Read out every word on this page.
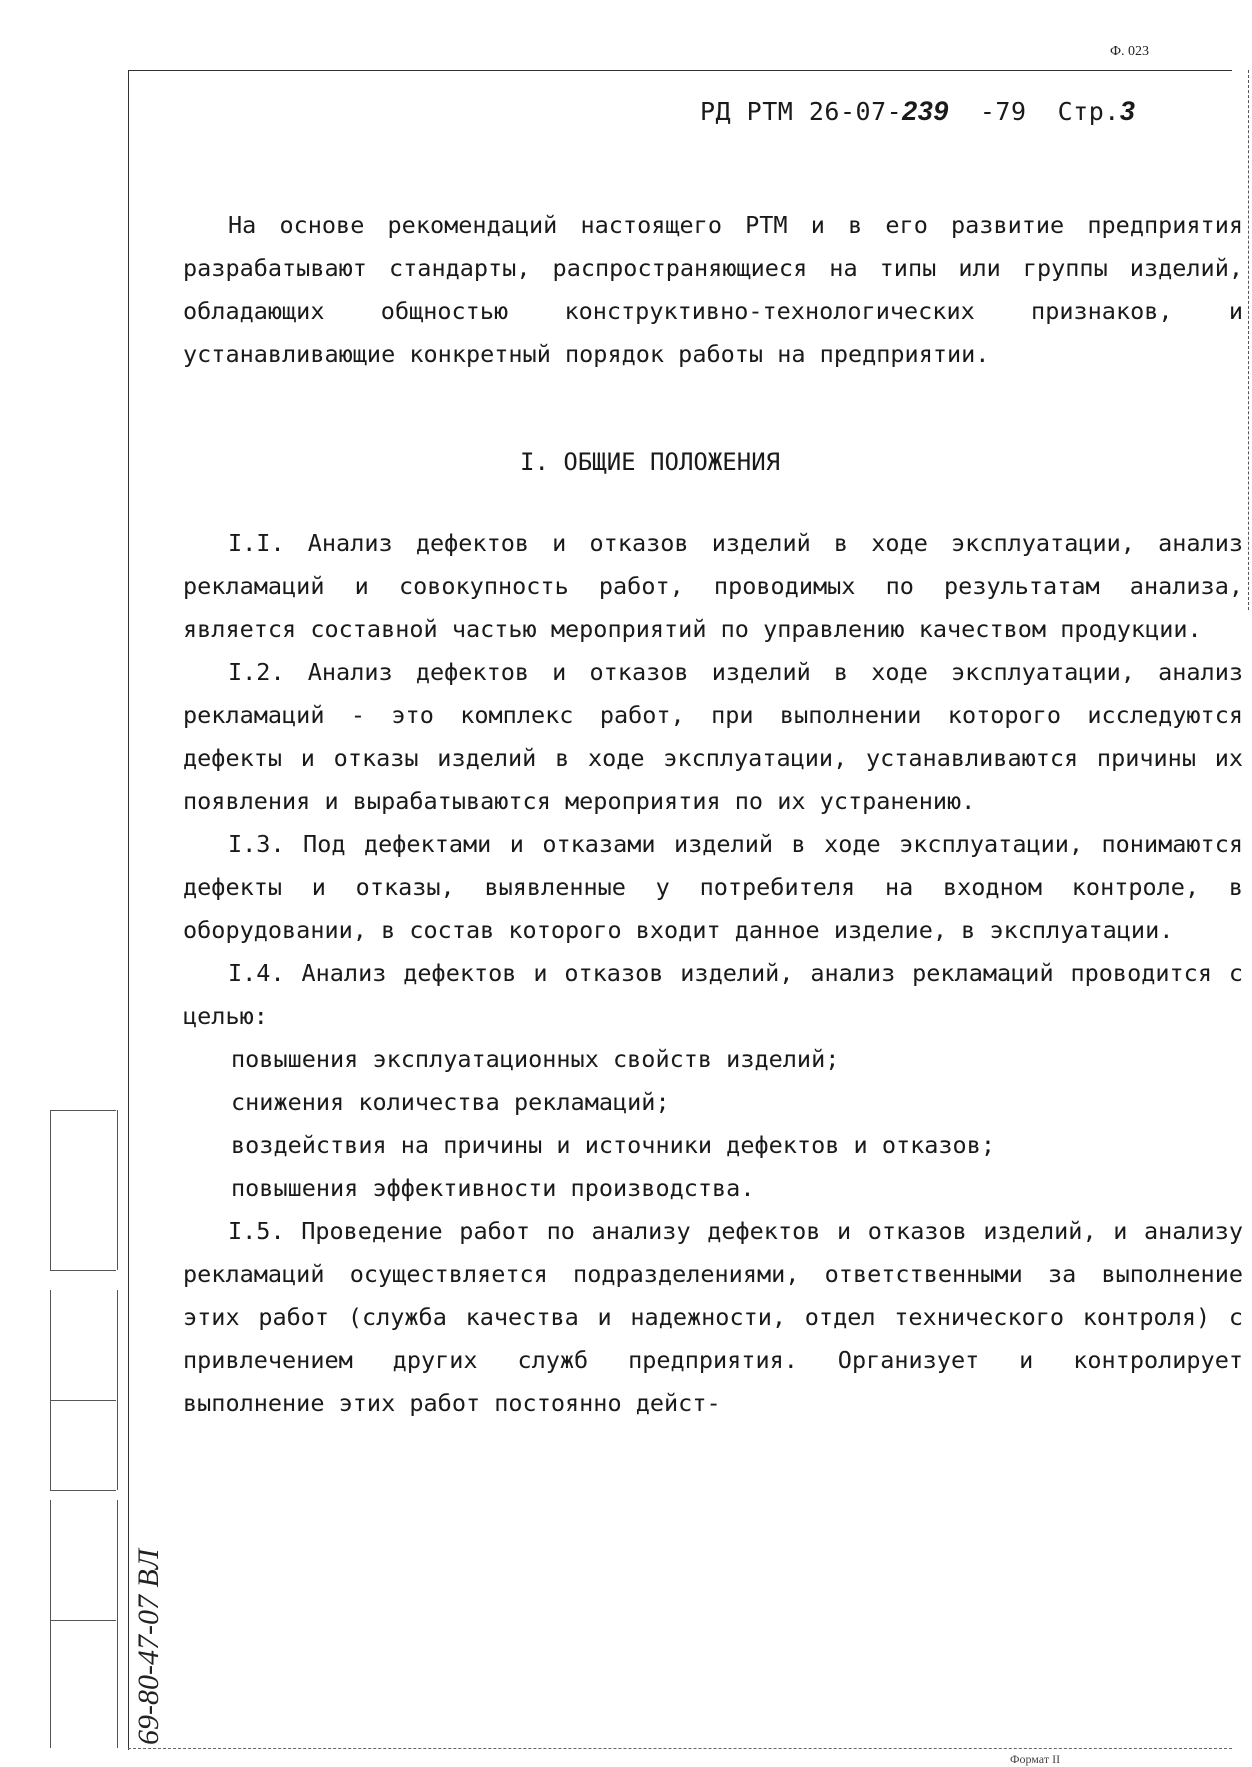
Ф. 023
РД РТМ 26-07-239 -79 Стр.3

На основе рекомендаций настоящего РТМ и в его развитие предприятия разрабатывают стандарты, распространяющиеся на типы или группы изделий, обладающих общностью конструктивно-технологических признаков, и устанавливающие конкретный порядок работы на предприятии.

I. ОБЩИЕ ПОЛОЖЕНИЯ

I.I. Анализ дефектов и отказов изделий в ходе эксплуатации, анализ рекламаций и совокупность работ, проводимых по результатам анализа, является составной частью мероприятий по управлению качеством продукции.

I.2. Анализ дефектов и отказов изделий в ходе эксплуатации, анализ рекламаций - это комплекс работ, при выполнении которого исследуются дефекты и отказы изделий в ходе эксплуатации, устанавливаются причины их появления и вырабатываются мероприятия по их устранению.

I.3. Под дефектами и отказами изделий в ходе эксплуатации, понимаются дефекты и отказы, выявленные у потребителя на входном контроле, в оборудовании, в состав которого входит данное изделие, в эксплуатации.

I.4. Анализ дефектов и отказов изделий, анализ рекламаций проводится с целью:

повышения эксплуатационных свойств изделий;

снижения количества рекламаций;

воздействия на причины и источники дефектов и отказов;

повышения эффективности производства.

I.5. Проведение работ по анализу дефектов и отказов изделий, и анализу рекламаций осуществляется подразделениями, ответственными за выполнение этих работ (служба качества и надежности, отдел технического контроля) с привлечением других служб предприятия. Организует и контролирует выполнение этих работ постоянно дейст-

69-80-47-07 ВЛ
Формат II
